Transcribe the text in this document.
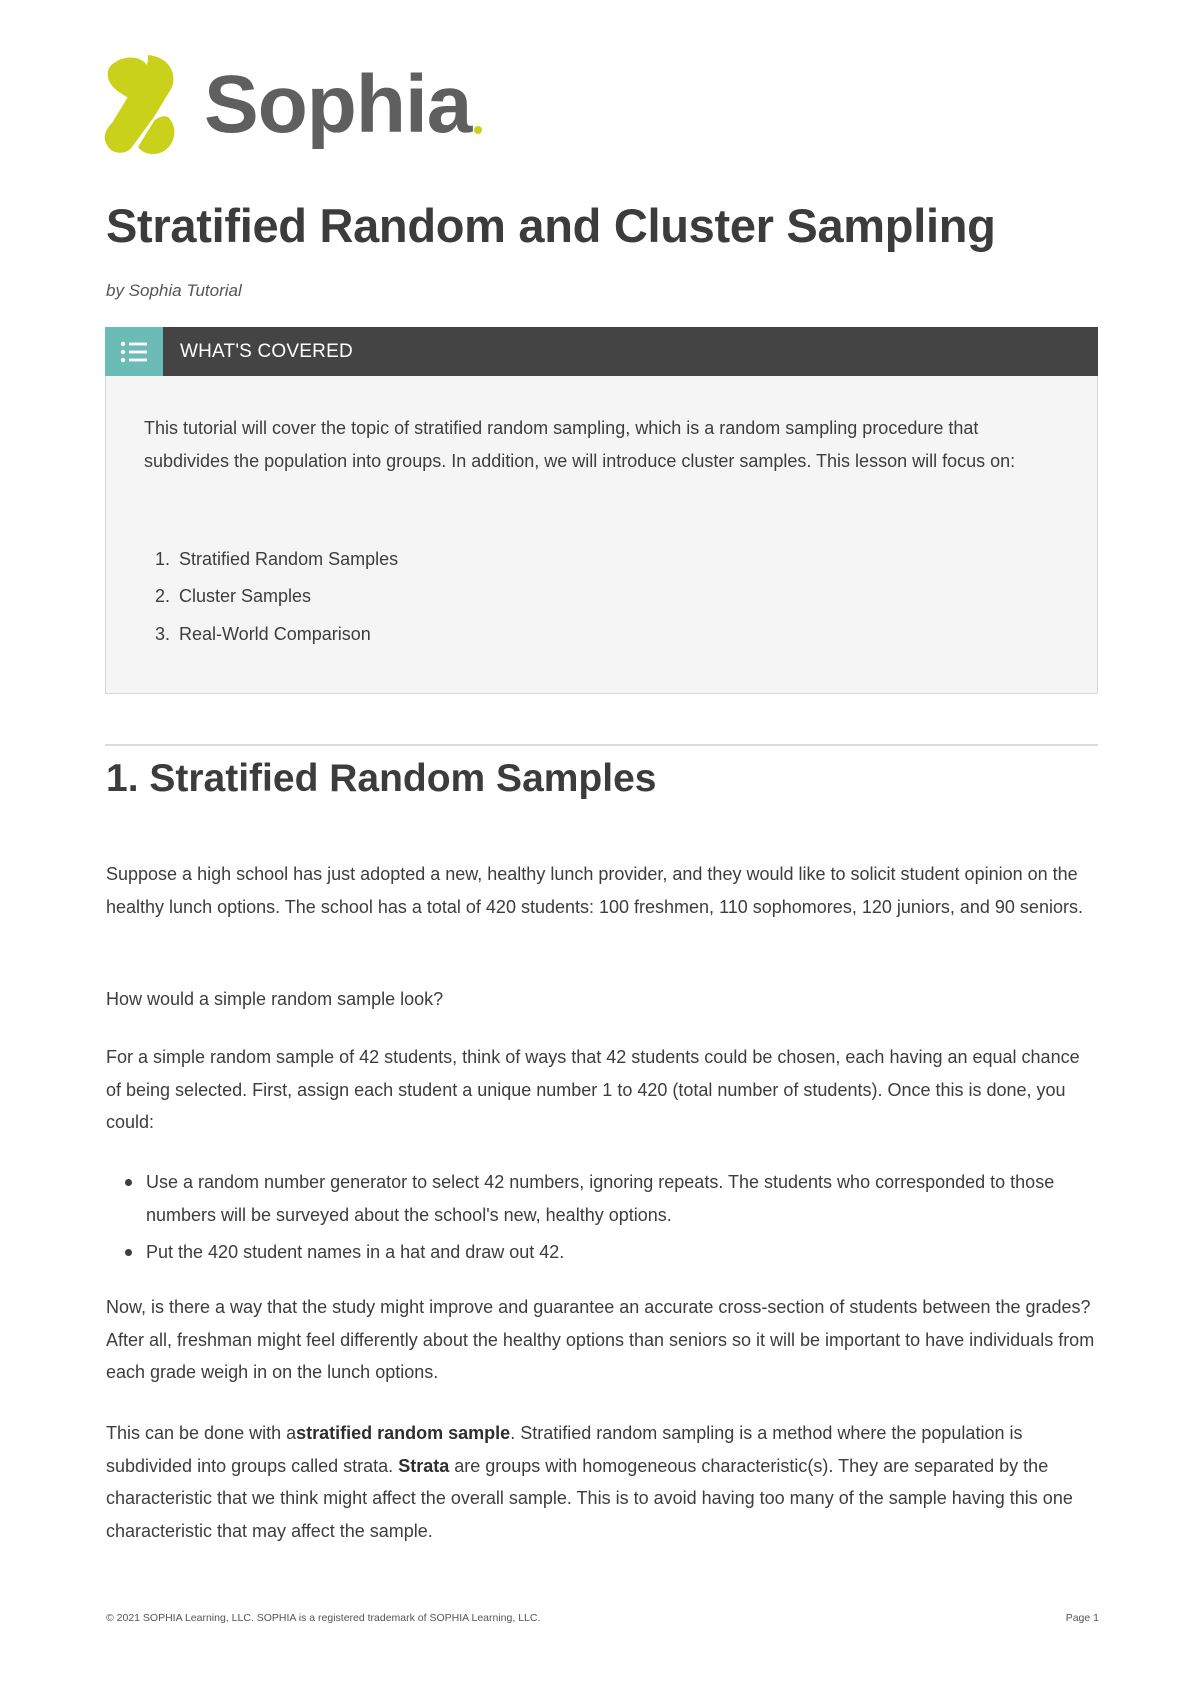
Sophia
Stratified Random and Cluster Sampling

by Sophia Tutorial

WHAT'S COVERED

This tutorial will cover the topic of stratified random sampling, which is a random sampling procedure that subdivides the population into groups. In addition, we will introduce cluster samples. This lesson will focus on:

1. Stratified Random Samples
2. Cluster Samples
3. Real-World Comparison
1. Stratified Random Samples

Suppose a high school has just adopted a new, healthy lunch provider, and they would like to solicit student opinion on the healthy lunch options. The school has a total of 420 students: 100 freshmen, 110 sophomores, 120 juniors, and 90 seniors.

How would a simple random sample look?

For a simple random sample of 42 students, think of ways that 42 students could be chosen, each having an equal chance of being selected. First, assign each student a unique number 1 to 420 (total number of students). Once this is done, you could:

Use a random number generator to select 42 numbers, ignoring repeats. The students who corresponded to those numbers will be surveyed about the school's new, healthy options.
Put the 420 student names in a hat and draw out 42.

Now, is there a way that the study might improve and guarantee an accurate cross-section of students between the grades? After all, freshman might feel differently about the healthy options than seniors so it will be important to have individuals from each grade weigh in on the lunch options.

This can be done with astratified random sample. Stratified random sampling is a method where the population is subdivided into groups called strata. Strata are groups with homogeneous characteristic(s). They are separated by the characteristic that we think might affect the overall sample. This is to avoid having too many of the sample having this one characteristic that may affect the sample.

© 2021 SOPHIA Learning, LLC. SOPHIA is a registered trademark of SOPHIA Learning, LLC.	Page 1
